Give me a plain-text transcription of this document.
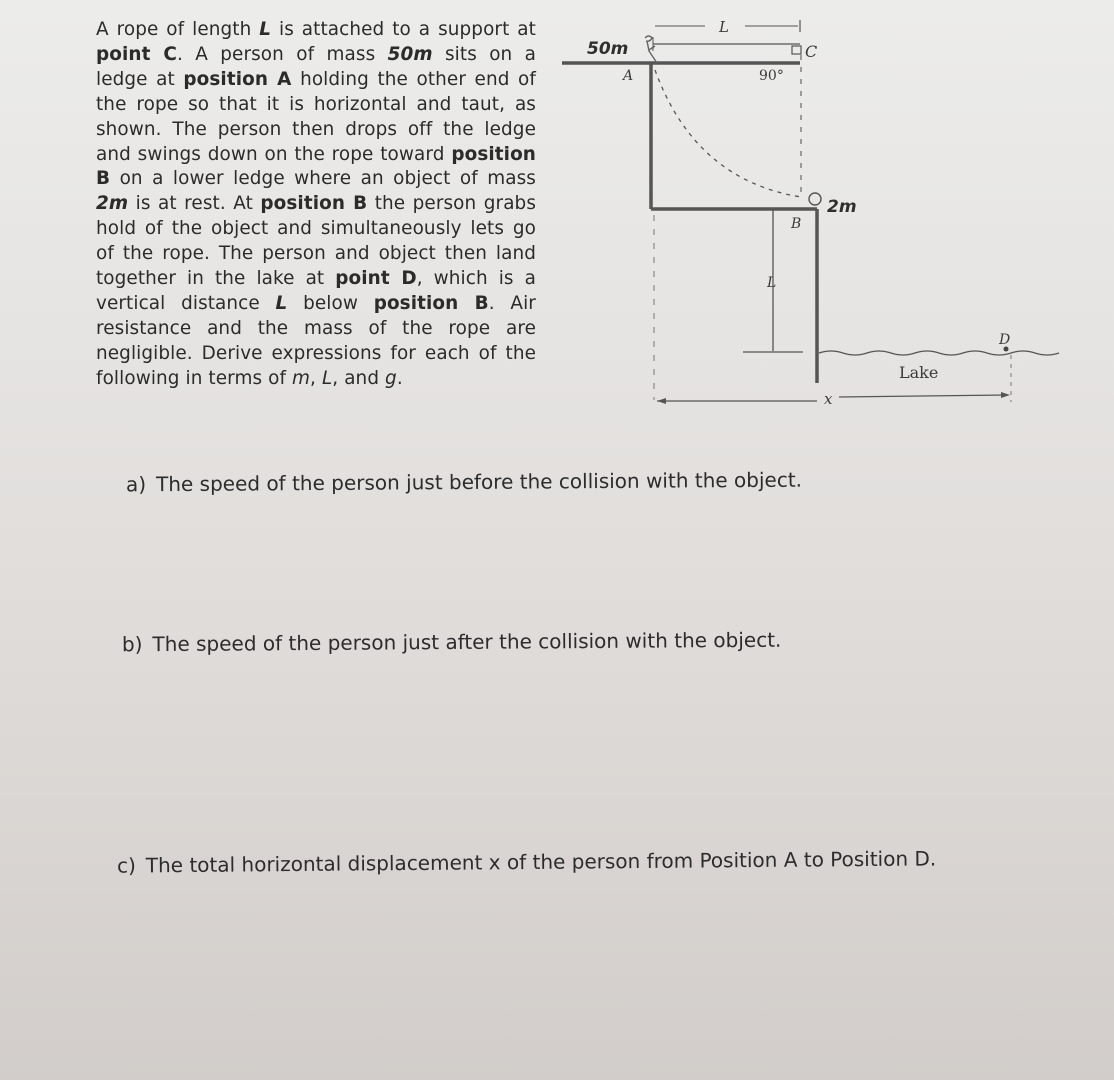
A rope of length L is attached to a support at point C. A person of mass 50m sits on a ledge at position A holding the other end of the rope so that it is horizontal and taut, as shown. The person then drops off the ledge and swings down on the rope toward position B on a lower ledge where an object of mass 2m is at rest. At position B the person grabs hold of the object and simultaneously lets go of the rope. The person and object then land together in the lake at point D, which is a vertical distance L below position B. Air resistance and the mass of the rope are negligible. Derive expressions for each of the following in terms of m, L, and g.
L
C
A
50m
90°
2m
B
L
D
Lake
x
a) The speed of the person just before the collision with the object.
b) The speed of the person just after the collision with the object.
c) The total horizontal displacement x of the person from Position A to Position D.
